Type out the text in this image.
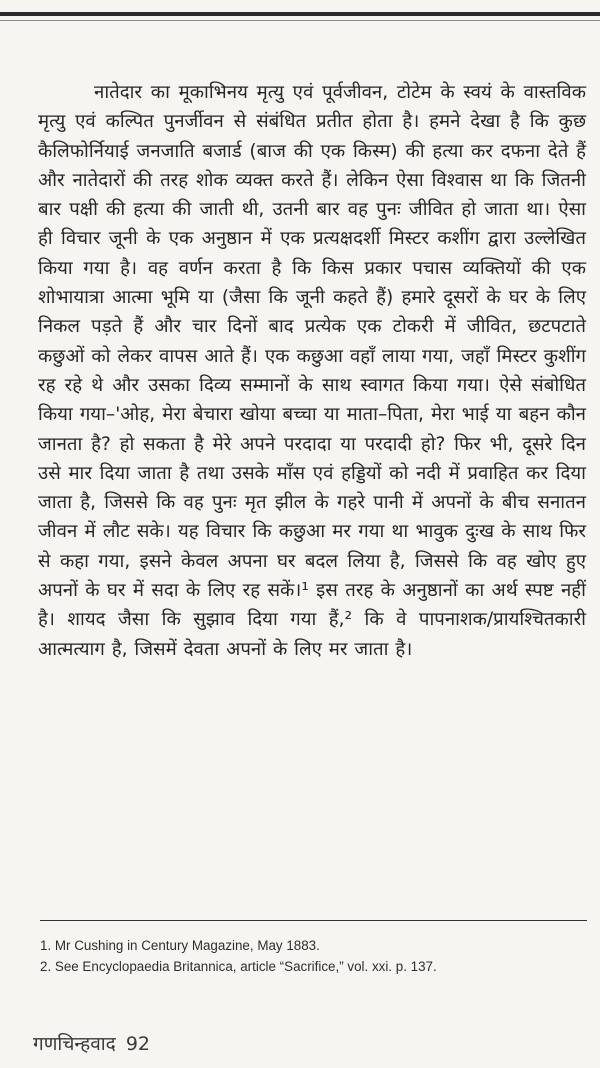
नातेदार का मूकाभिनय मृत्यु एवं पूर्वजीवन, टोटेम के स्वयं के वास्तविक मृत्यु एवं कल्पित पुनर्जीवन से संबंधित प्रतीत होता है। हमने देखा है कि कुछ कैलिफोर्नियाई जनजाति बजार्ड (बाज की एक किस्म) की हत्या कर दफना देते हैं और नातेदारों की तरह शोक व्यक्त करते हैं। लेकिन ऐसा विश्वास था कि जितनी बार पक्षी की हत्या की जाती थी, उतनी बार वह पुनः जीवित हो जाता था। ऐसा ही विचार जूनी के एक अनुष्ठान में एक प्रत्यक्षदर्शी मिस्टर कशींग द्वारा उल्लेखित किया गया है। वह वर्णन करता है कि किस प्रकार पचास व्यक्तियों की एक शोभायात्रा आत्मा भूमि या (जैसा कि जूनी कहते हैं) हमारे दूसरों के घर के लिए निकल पड़ते हैं और चार दिनों बाद प्रत्येक एक टोकरी में जीवित, छटपटाते कछुओं को लेकर वापस आते हैं। एक कछुआ वहाँ लाया गया, जहाँ मिस्टर कुशींग रह रहे थे और उसका दिव्य सम्मानों के साथ स्वागत किया गया। ऐसे संबोधित किया गया–'ओह, मेरा बेचारा खोया बच्चा या माता–पिता, मेरा भाई या बहन कौन जानता है? हो सकता है मेरे अपने परदादा या परदादी हो? फिर भी, दूसरे दिन उसे मार दिया जाता है तथा उसके माँस एवं हड्डियों को नदी में प्रवाहित कर दिया जाता है, जिससे कि वह पुनः मृत झील के गहरे पानी में अपनों के बीच सनातन जीवन में लौट सके। यह विचार कि कछुआ मर गया था भावुक दुःख के साथ फिर से कहा गया, इसने केवल अपना घर बदल लिया है, जिससे कि वह खोए हुए अपनों के घर में सदा के लिए रह सकें।¹ इस तरह के अनुष्ठानों का अर्थ स्पष्ट नहीं है। शायद जैसा कि सुझाव दिया गया हैं,² कि वे पापनाशक/प्रायश्चितकारी आत्मत्याग है, जिसमें देवता अपनों के लिए मर जाता है।

1. Mr Cushing in Century Magazine, May 1883.
2. See Encyclopaedia Britannica, article “Sacrifice,” vol. xxi. p. 137.
गणचिन्हवाद 92
